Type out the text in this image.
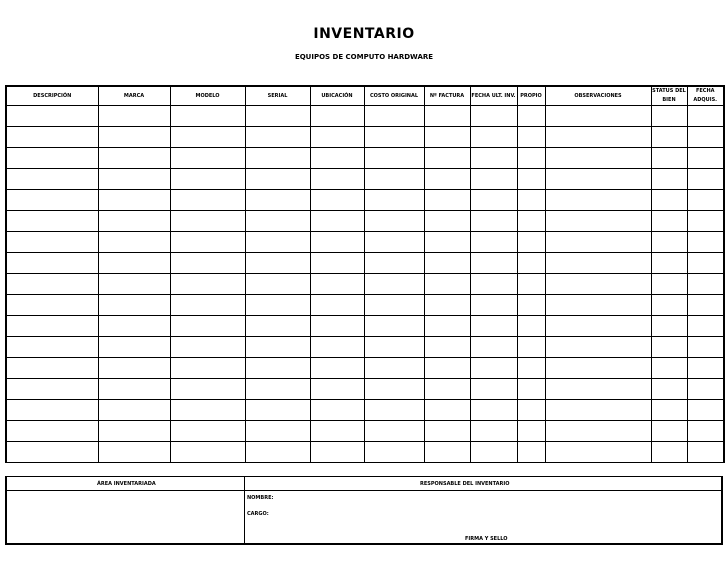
INVENTARIO
EQUIPOS DE COMPUTO HARDWARE
DESCRIPCIÓN	MARCA	MODELO	SERIAL	UBICACIÓN	COSTO ORIGINAL	Nº FACTURA	FECHA ULT. INV.	PROPIO	OBSERVACIONES	STATUS DEL BIEN	FECHA ADQUIS.

ÁREA INVENTARIADA	RESPONSABLE DEL INVENTARIO
NOMBRE:
CARGO:
FIRMA Y SELLO
